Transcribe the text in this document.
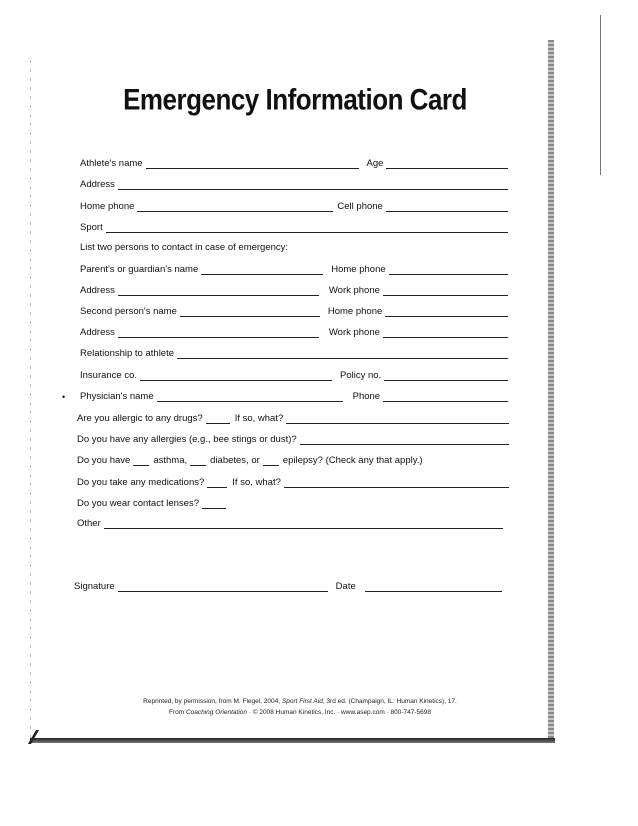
Emergency Information Card
Athlete's name	Age
Address
Home phone	Cell phone
Sport
List two persons to contact in case of emergency:
Parent's or guardian's name	Home phone
Address	Work phone
Second person's name	Home phone
Address	Work phone
Relationship to athlete
Insurance co.	Policy no.
• Physician's name	Phone
Are you allergic to any drugs?	If so, what?
Do you have any allergies (e.g., bee stings or dust)?
Do you have	asthma,	diabetes, or	epilepsy? (Check any that apply.)
Do you take any medications?	If so, what?
Do you wear contact lenses?
Other
Signature	Date
Reprinted, by permission, from M. Flegel, 2004, Sport First Aid, 3rd ed. (Champaign, IL: Human Kinetics), 17.
From Coaching Orientation · © 2008 Human Kinetics, Inc. · www.asep.com · 800-747-5698
